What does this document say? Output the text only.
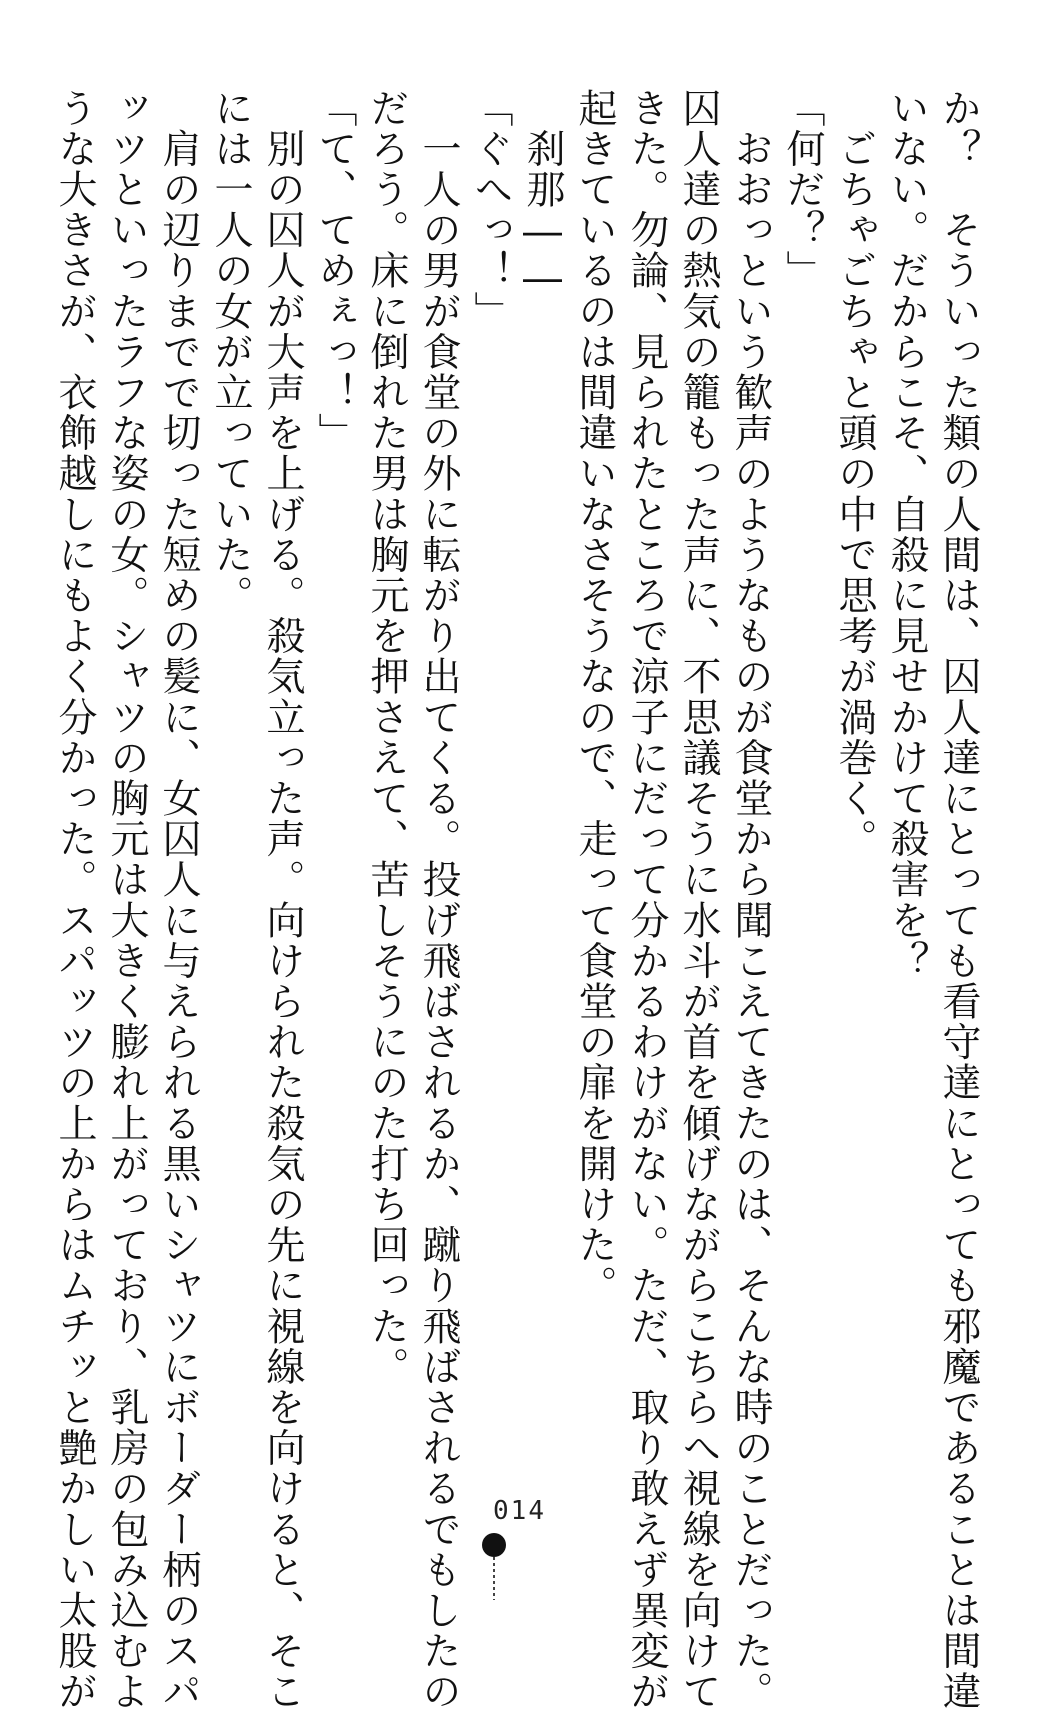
か？　そういった類の人間は、囚人達にとっても看守達にとっても邪魔であることは間違
いない。だからこそ、自殺に見せかけて殺害を？
　ごちゃごちゃと頭の中で思考が渦巻く。
「何だ？」
　おおっという歓声のようなものが食堂から聞こえてきたのは、そんな時のことだった。
囚人達の熱気の籠もった声に、不思議そうに水斗が首を傾げながらこちらへ視線を向けて
きた。勿論、見られたところで涼子にだって分かるわけがない。ただ、取り敢えず異変が
起きているのは間違いなさそうなので、走って食堂の扉を開けた。
　刹那――
「ぐへっ！」
　一人の男が食堂の外に転がり出てくる。投げ飛ばされるか、蹴り飛ばされるでもしたの
だろう。床に倒れた男は胸元を押さえて、苦しそうにのた打ち回った。
「て、てめぇっ！」
　別の囚人が大声を上げる。殺気立った声。向けられた殺気の先に視線を向けると、そこ
には一人の女が立っていた。
　肩の辺りまでで切った短めの髪に、女囚人に与えられる黒いシャツにボーダー柄のスパ
ッツといったラフな姿の女。シャツの胸元は大きく膨れ上がっており、乳房の包み込むよ
うな大きさが、衣飾越しにもよく分かった。スパッツの上からはムチッと艶かしい太股が	014
